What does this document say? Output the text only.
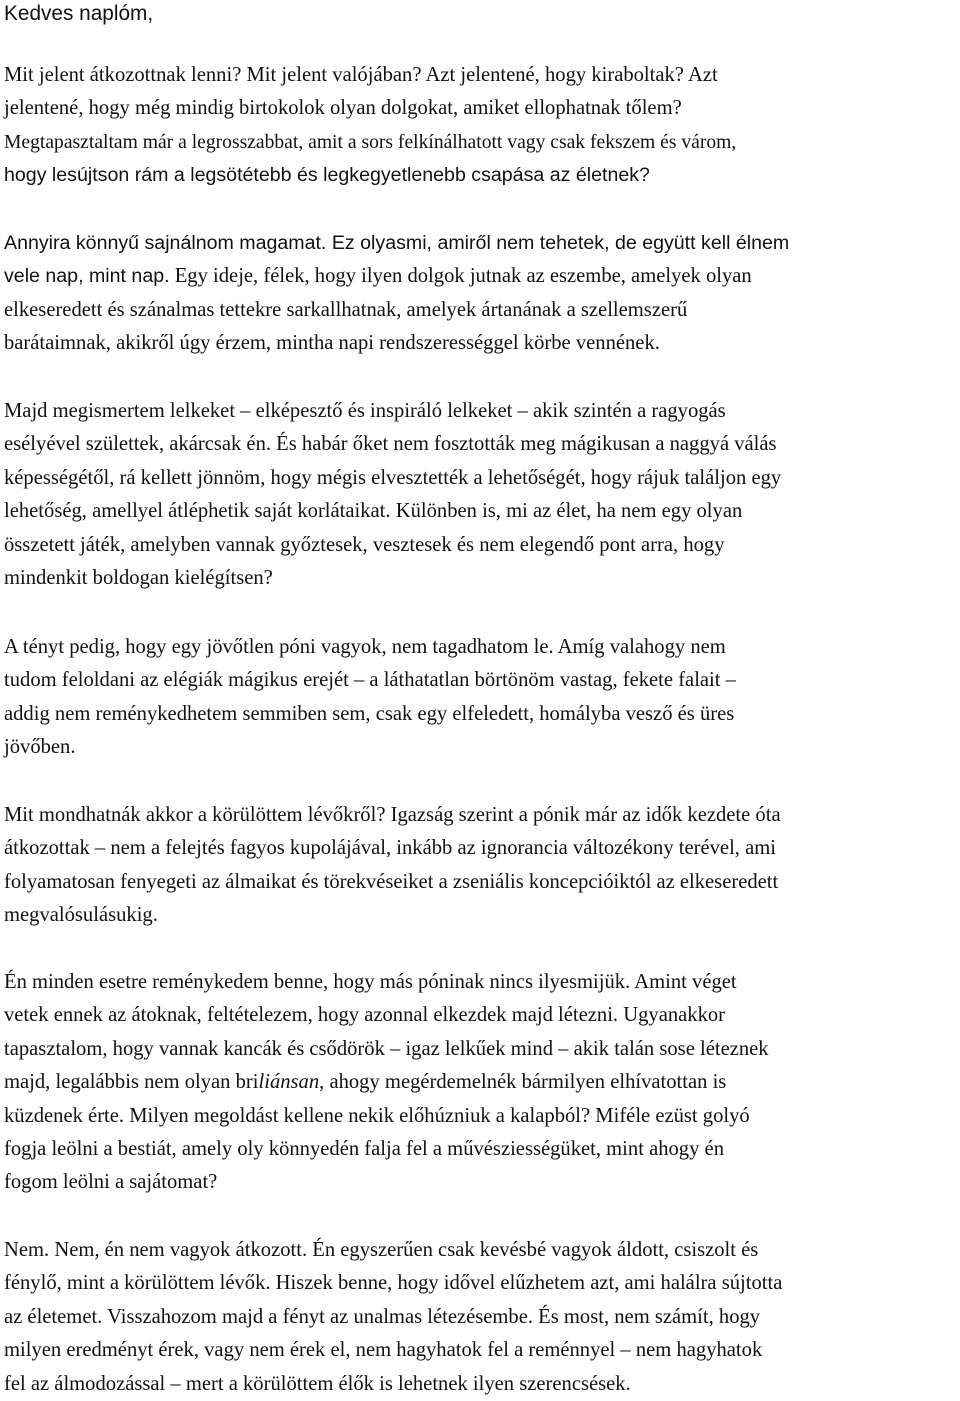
Kedves naplóm,
Mit jelent átkozottnak lenni? Mit jelent valójában? Azt jelentené, hogy kiraboltak? Azt
jelentené, hogy még mindig birtokolok olyan dolgokat, amiket ellophatnak tőlem?
Megtapasztaltam már a legrosszabbat, amit a sors felkínálhatott vagy csak fekszem és várom,
hogy lesújtson rám a legsötétebb és legkegyetlenebb csapása az életnek?
Annyira könnyű sajnálnom magamat. Ez olyasmi, amiről nem tehetek, de együtt kell élnem
vele nap, mint nap. Egy ideje, félek, hogy ilyen dolgok jutnak az eszembe, amelyek olyan
elkeseredett és szánalmas tettekre sarkallhatnak, amelyek ártanának a szellemszerű
barátaimnak, akikről úgy érzem, mintha napi rendszerességgel körbe vennének.
Majd megismertem lelkeket – elképesztő és inspiráló lelkeket – akik szintén a ragyogás
esélyével születtek, akárcsak én. És habár őket nem fosztották meg mágikusan a naggyá válás
képességétől, rá kellett jönnöm, hogy mégis elvesztették a lehetőségét, hogy rájuk találjon egy
lehetőség, amellyel átléphetik saját korlátaikat. Különben is, mi az élet, ha nem egy olyan
összetett játék, amelyben vannak győztesek, vesztesek és nem elegendő pont arra, hogy
mindenkit boldogan kielégítsen?
A tényt pedig, hogy egy jövőtlen póni vagyok, nem tagadhatom le. Amíg valahogy nem
tudom feloldani az elégiák mágikus erejét – a láthatatlan börtönöm vastag, fekete falait –
addig nem reménykedhetem semmiben sem, csak egy elfeledett, homályba vesző és üres
jövőben.
Mit mondhatnák akkor a körülöttem lévőkről? Igazság szerint a pónik már az idők kezdete óta
átkozottak – nem a felejtés fagyos kupolájával, inkább az ignorancia változékony terével, ami
folyamatosan fenyegeti az álmaikat és törekvéseiket a zseniális koncepcióiktól az elkeseredett
megvalósulásukig.
Én minden esetre reménykedem benne, hogy más póninak nincs ilyesmijük. Amint véget
vetek ennek az átoknak, feltételezem, hogy azonnal elkezdek majd létezni. Ugyanakkor
tapasztalom, hogy vannak kancák és csődörök – igaz lelkűek mind – akik talán sose léteznek
majd, legalábbis nem olyan briliánsan, ahogy megérdemelnék bármilyen elhívatottan is
küzdenek érte. Milyen megoldást kellene nekik előhúzniuk a kalapból? Miféle ezüst golyó
fogja leölni a bestiát, amely oly könnyedén falja fel a művésziességüket, mint ahogy én
fogom leölni a sajátomat?
Nem. Nem, én nem vagyok átkozott. Én egyszerűen csak kevésbé vagyok áldott, csiszolt és
fénylő, mint a körülöttem lévők. Hiszek benne, hogy idővel elűzhetem azt, ami halálra sújtotta
az életemet. Visszahozom majd a fényt az unalmas létezésembe. És most, nem számít, hogy
milyen eredményt érek, vagy nem érek el, nem hagyhatok fel a reménnyel – nem hagyhatok
fel az álmodozással – mert a körülöttem élők is lehetnek ilyen szerencsések.
